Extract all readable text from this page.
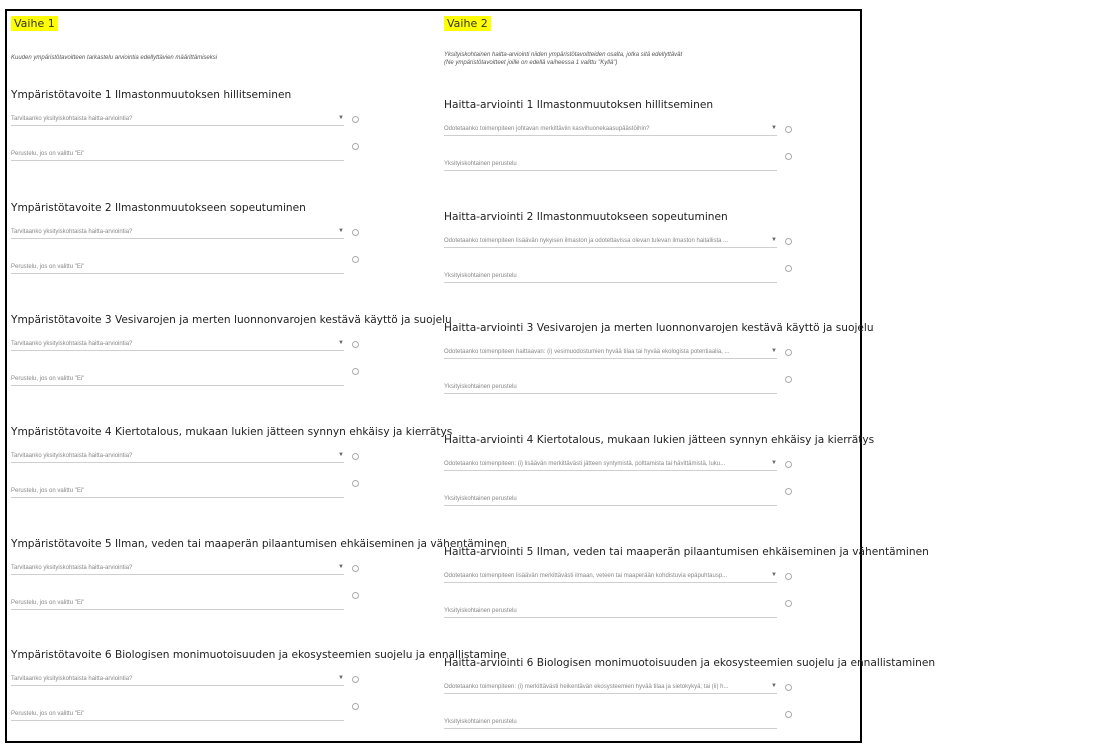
Vaihe 1
Kuuden ympäristötavoitteen tarkastelu arviointia edellyttävien määrittämiseksi
Ympäristötavoite 1 Ilmastonmuutoksen hillitseminen
Tarvitaanko yksityiskohtaista haitta-arviointia?	▼
Perustelu, jos on valittu "Ei"
Ympäristötavoite 2 Ilmastonmuutokseen sopeutuminen
Tarvitaanko yksityiskohtaista haitta-arviointia?	▼
Perustelu, jos on valittu "Ei"
Ympäristötavoite 3 Vesivarojen ja merten luonnonvarojen kestävä käyttö ja suojelu
Tarvitaanko yksityiskohtaista haitta-arviointia?	▼
Perustelu, jos on valittu "Ei"
Ympäristötavoite 4 Kiertotalous, mukaan lukien jätteen synnyn ehkäisy ja kierrätys
Tarvitaanko yksityiskohtaista haitta-arviointia?	▼
Perustelu, jos on valittu "Ei"
Ympäristötavoite 5 Ilman, veden tai maaperän pilaantumisen ehkäiseminen ja vähentäminen
Tarvitaanko yksityiskohtaista haitta-arviointia?	▼
Perustelu, jos on valittu "Ei"
Ympäristötavoite 6 Biologisen monimuotoisuuden ja ekosysteemien suojelu ja ennallistamine
Tarvitaanko yksityiskohtaista haitta-arviointia?	▼
Perustelu, jos on valittu "Ei"
Vaihe 2
Yksityiskohtainen haitta-arviointi niiden ympäristötavoitteiden osalta, jotka sitä edellyttävät
(Ne ympäristötavoitteet joille on edellä vaiheessa 1 valittu "Kyllä")
Haitta-arviointi 1 Ilmastonmuutoksen hillitseminen
Odotetaanko toimenpiteen johtavan merkittäviin kasvihuonekaasupäästöihin?	▼
Yksityiskohtainen perustelu
Haitta-arviointi 2 Ilmastonmuutokseen sopeutuminen
Odotetaanko toimenpiteen lisäävän nykyisen ilmaston ja odotettavissa olevan tulevan ilmaston haitallista ...	▼
Yksityiskohtainen perustelu
Haitta-arviointi 3 Vesivarojen ja merten luonnonvarojen kestävä käyttö ja suojelu
Odotetaanko toimenpiteen haittaavan: (i) vesimuodostumien hyvää tilaa tai hyvää ekologista potentiaalia, ...	▼
Yksityiskohtainen perustelu
Haitta-arviointi 4 Kiertotalous, mukaan lukien jätteen synnyn ehkäisy ja kierrätys
Odotetaanko toimenpiteen: (i) lisäävän merkittävästi jätteen syntymistä, polttamista tai hävittämistä, luku...	▼
Yksityiskohtainen perustelu
Haitta-arviointi 5 Ilman, veden tai maaperän pilaantumisen ehkäiseminen ja vähentäminen
Odotetaanko toimenpiteen lisäävän merkittävästi ilmaan, veteen tai maaperään kohdistuvia epäpuhtausp...	▼
Yksityiskohtainen perustelu
Haitta-arviointi 6 Biologisen monimuotoisuuden ja ekosysteemien suojelu ja ennallistaminen
Odotetaanko toimenpiteen: (i) merkittävästi heikentävän ekosysteemien hyvää tilaa ja sietokykyä; tai (ii) h...	▼
Yksityiskohtainen perustelu
